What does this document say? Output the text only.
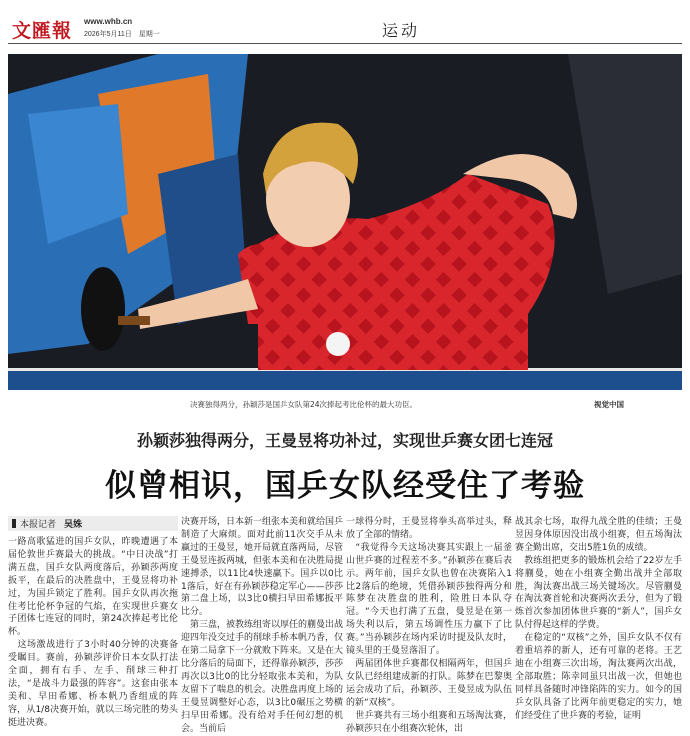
文匯報 www.whb.cn
2026年5月11日　星期一	运动
决赛独得两分，孙颖莎是国乒女队第24次捧起考比伦杯的最大功臣。	视觉中国
孙颖莎独得两分，王曼昱将功补过，实现世乒赛女团七连冠
似曾相识，国乒女队经受住了考验
本报记者 吴姝

一路高歌猛进的国乒女队，昨晚遭遇了本届伦敦世乒赛最大的挑战。“中日决战”打满五盘，国乒女队两度落后，孙颖莎两度扳平，在最后的决胜盘中，王曼昱将功补过，为国乒锁定了胜利。国乒女队再次拖住考比伦杯争冠的气焰，在实现世乒赛女子团体七连冠的同时，第24次捧起考比伦杯。
　这场激战进行了3小时40分钟的决赛备受瞩目。赛前，孙颖莎评价日本女队打法全面，拥有右手、左手、削球三种打法，“是战斗力最强的阵容”。这套由张本美和、早田希娜、桥本帆乃香组成的阵容，从1/8决赛开始，就以三场完胜的势头挺进决赛。

决赛开场，日本新一组张本美和就给国乒制造了大麻烦。面对此前11次交手从未赢过的王曼昱，她开局就直落两局，尽管王曼昱连扳两城，但张本美和在决胜局提速搏杀，以11比4快速赢下。国乒以0比1落后，好在有孙颖莎稳定军心——莎莎第二盘上场，以3比0横扫早田希娜扳平比分。
　第三盘，被教练组寄以厚任的蒯曼出战迎四年没交过手的削球手桥本帆乃香，仅在第二局拿下一分就败下阵来。又是在大比分落后的局面下，还得靠孙颖莎，莎莎再次以3比0的比分轻取张本美和，为队友留下了喘息的机会。决胜盘再度上场的王曼昱调整好心态，以3比0碾压之势横扫早田希娜。没有给对手任何幻想的机会。当前后

一球得分时，王曼昱将拳头高举过头，释放了全部的情绪。
　“我觉得今天这场决赛其实跟上一届釜山世乒赛的过程差不多。”孙颖莎在赛后表示。两年前，国乒女队也曾在决赛陷入1比2落后的绝境，凭借孙颖莎独得两分和陈梦在决胜盘的胜利，险胜日本队夺冠。“今天也打满了五盘，曼昱是在第一场失利以后，第五场调性压力赢下了比赛。”当孙颖莎在场内采访时提及队友时，镜头里的王曼昱落泪了。
　两届团体世乒赛都仅相隔两年，但国乒女队已经组建成新的打队。陈梦在巴黎奥运会成功了后，孙颖莎、王曼昱成为队伍的新“双核”。
　世乒赛共有三场小组赛和五场淘汰赛，孙颖莎只在小组赛次轮休，出

战其余七场，取得九战全胜的佳绩；王曼昱因身体原因没出战小组赛，但五场淘汰赛全勤出席，交出5胜1负的成绩。
　教练组把更多的锻炼机会给了22岁左手将蒯曼，她在小组赛全勤出战并全部取胜，淘汰赛出战三场关键场次。尽管蒯曼在淘汰赛首轮和决赛两次丢分，但为了锻炼首次参加团体世乒赛的“新人”，国乒女队付得起这样的学费。
　在稳定的“双核”之外，国乒女队不仅有着重培养的新人，还有可靠的老将。王艺迪在小组赛三次出场，淘汰赛两次出战，全部取胜；陈幸同虽只出战一次，但她也同样具备随时冲锋陷阵的实力。如今的国乒女队具备了比两年前更稳定的实力，她们经受住了世乒赛的考验，证明
